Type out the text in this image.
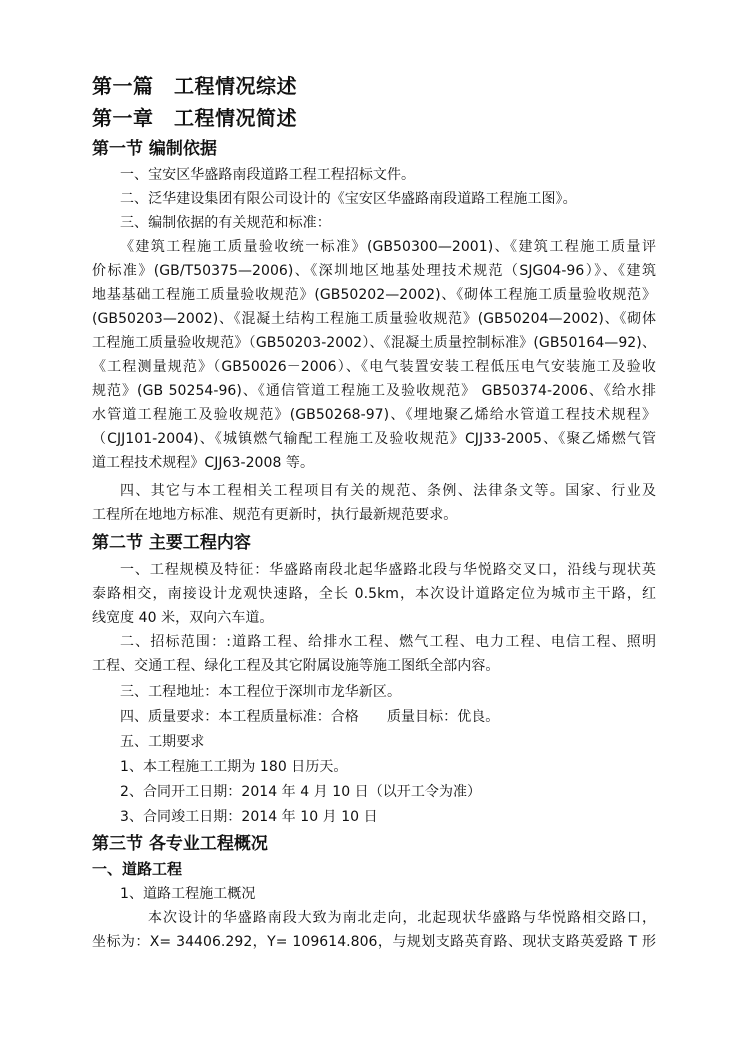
第一篇　工程情况综述
第一章　工程情况简述
第一节 编制依据
一、宝安区华盛路南段道路工程工程招标文件。
二、泛华建设集团有限公司设计的《宝安区华盛路南段道路工程施工图》。
三、编制依据的有关规范和标准：
《建筑工程施工质量验收统一标准》(GB50300—2001)、《建筑工程施工质量评
价标准》(GB/T50375—2006)、《深圳地区地基处理技术规范（SJG04-96）》、《建筑
地基基础工程施工质量验收规范》(GB50202—2002)、《砌体工程施工质量验收规范》
(GB50203—2002)、《混凝土结构工程施工质量验收规范》(GB50204—2002)、《砌体
工程施工质量验收规范》（GB50203-2002）、《混凝土质量控制标准》(GB50164—92)、
《工程测量规范》（GB50026－2006）、《电气装置安装工程低压电气安装施工及验收
规范》(GB 50254-96)、《通信管道工程施工及验收规范》 GB50374-2006、《给水排
水管道工程施工及验收规范》(GB50268-97)、《埋地聚乙烯给水管道工程技术规程》
（CJJ101-2004)、《城镇燃气输配工程施工及验收规范》CJJ33-2005、《聚乙烯燃气管
道工程技术规程》CJJ63-2008 等。
四、其它与本工程相关工程项目有关的规范、条例、法律条文等。国家、行业及
工程所在地地方标准、规范有更新时，执行最新规范要求。
第二节 主要工程内容
一、工程规模及特征：华盛路南段北起华盛路北段与华悦路交叉口，沿线与现状英
泰路相交，南接设计龙观快速路，全长 0.5km，本次设计道路定位为城市主干路，红
线宽度 40 米，双向六车道。
二、招标范围：:道路工程、给排水工程、燃气工程、电力工程、电信工程、照明
工程、交通工程、绿化工程及其它附属设施等施工图纸全部内容。
三、工程地址：本工程位于深圳市龙华新区。
四、质量要求：本工程质量标准：合格　　质量目标：优良。
五、工期要求
1、本工程施工工期为 180 日历天。
2、合同开工日期：2014 年 4 月 10 日（以开工令为准）
3、合同竣工日期：2014 年 10 月 10 日
第三节 各专业工程概况
一、道路工程
1、道路工程施工概况
本次设计的华盛路南段大致为南北走向，北起现状华盛路与华悦路相交路口，
坐标为：X= 34406.292，Y= 109614.806，与规划支路英育路、现状支路英爱路 T 形
